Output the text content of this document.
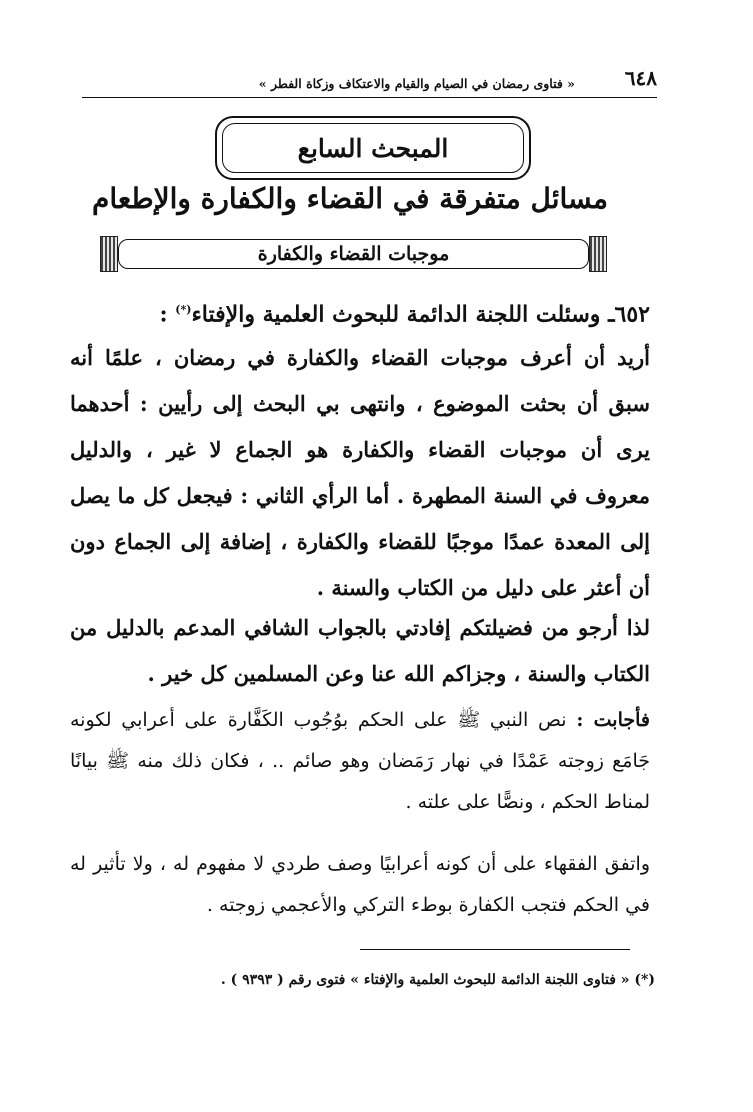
٦٤٨
« فتاوى رمضان في الصيام والقيام والاعتكاف وزكاة الفطر »
المبحث السابع
مسائل متفرقة في القضاء والكفارة والإطعام
موجبات القضاء والكفارة
٦٥٢ـ وسئلت اللجنة الدائمة للبحوث العلمية والإفتاء(*) :
أريد أن أعرف موجبات القضاء والكفارة في رمضان ، علمًا أنه سبق أن بحثت الموضوع ، وانتهى بي البحث إلى رأيين : أحدهما يرى أن موجبات القضاء والكفارة هو الجماع لا غير ، والدليل معروف في السنة المطهرة . أما الرأي الثاني : فيجعل كل ما يصل إلى المعدة عمدًا موجبًا للقضاء والكفارة ، إضافة إلى الجماع دون أن أعثر على دليل من الكتاب والسنة .
لذا أرجو من فضيلتكم إفادتي بالجواب الشافي المدعم بالدليل من الكتاب والسنة ، وجزاكم الله عنا وعن المسلمين كل خير .
فأجابت : نص النبي ﷺ على الحكم بوُجُوب الكَفَّارة على أعرابي لكونه جَامَع زوجته عَمْدًا في نهار رَمَضان وهو صائم .. ، فكان ذلك منه ﷺ بيانًا لمناط الحكم ، ونصًّا على علته .
واتفق الفقهاء على أن كونه أعرابيًا وصف طردي لا مفهوم له ، ولا تأثير له في الحكم فتجب الكفارة بوطء التركي والأعجمي زوجته .
(*) « فتاوى اللجنة الدائمة للبحوث العلمية والإفتاء » فتوى رقم ( ٩٣٩٣ ) .
